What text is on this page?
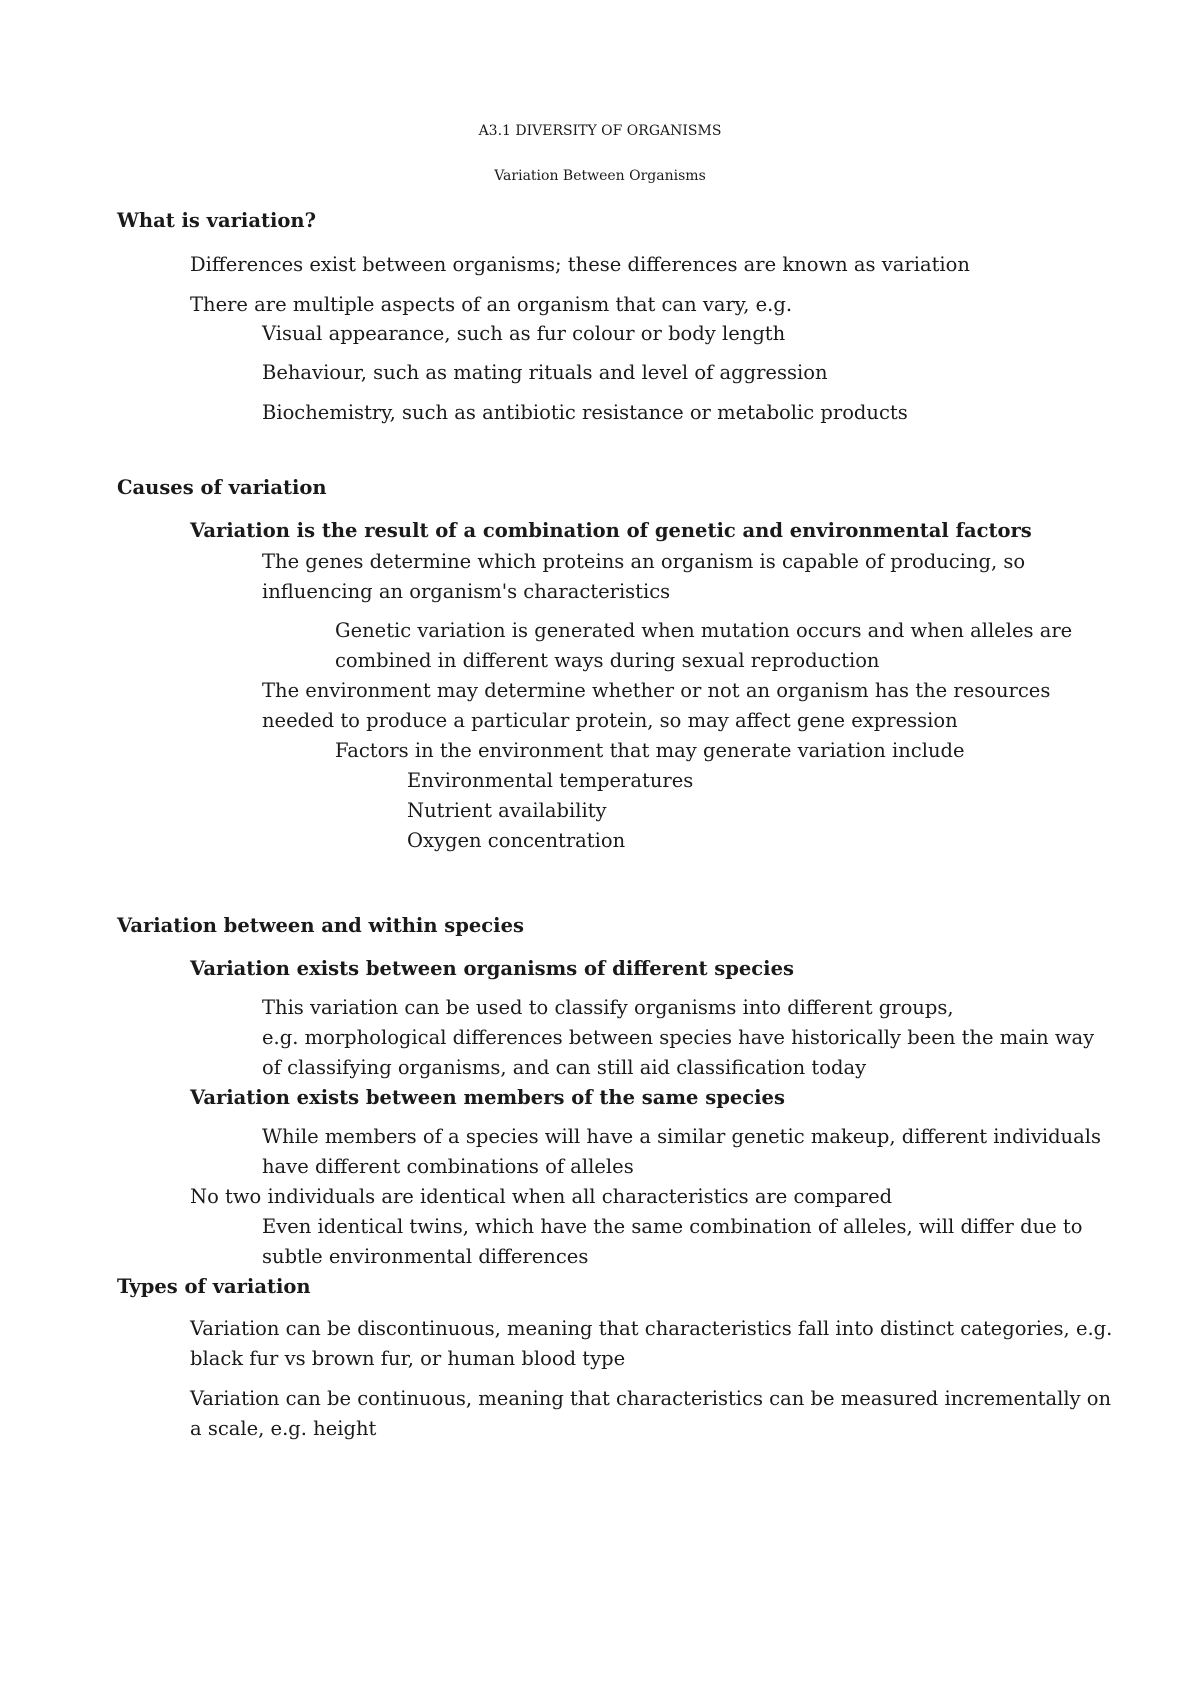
A3.1 DIVERSITY OF ORGANISMS
Variation Between Organisms
What is variation?
Differences exist between organisms; these differences are known as variation
There are multiple aspects of an organism that can vary, e.g.
Visual appearance, such as fur colour or body length
Behaviour, such as mating rituals and level of aggression
Biochemistry, such as antibiotic resistance or metabolic products
Causes of variation
Variation is the result of a combination of genetic and environmental factors
The genes determine which proteins an organism is capable of producing, so
influencing an organism's characteristics
Genetic variation is generated when mutation occurs and when alleles are
combined in different ways during sexual reproduction
The environment may determine whether or not an organism has the resources
needed to produce a particular protein, so may affect gene expression
Factors in the environment that may generate variation include
Environmental temperatures
Nutrient availability
Oxygen concentration
Variation between and within species
Variation exists between organisms of different species
This variation can be used to classify organisms into different groups,
e.g. morphological differences between species have historically been the main way
of classifying organisms, and can still aid classification today
Variation exists between members of the same species
While members of a species will have a similar genetic makeup, different individuals
have different combinations of alleles
No two individuals are identical when all characteristics are compared
Even identical twins, which have the same combination of alleles, will differ due to
subtle environmental differences
Types of variation
Variation can be discontinuous, meaning that characteristics fall into distinct categories, e.g.
black fur vs brown fur, or human blood type
Variation can be continuous, meaning that characteristics can be measured incrementally on
a scale, e.g. height
